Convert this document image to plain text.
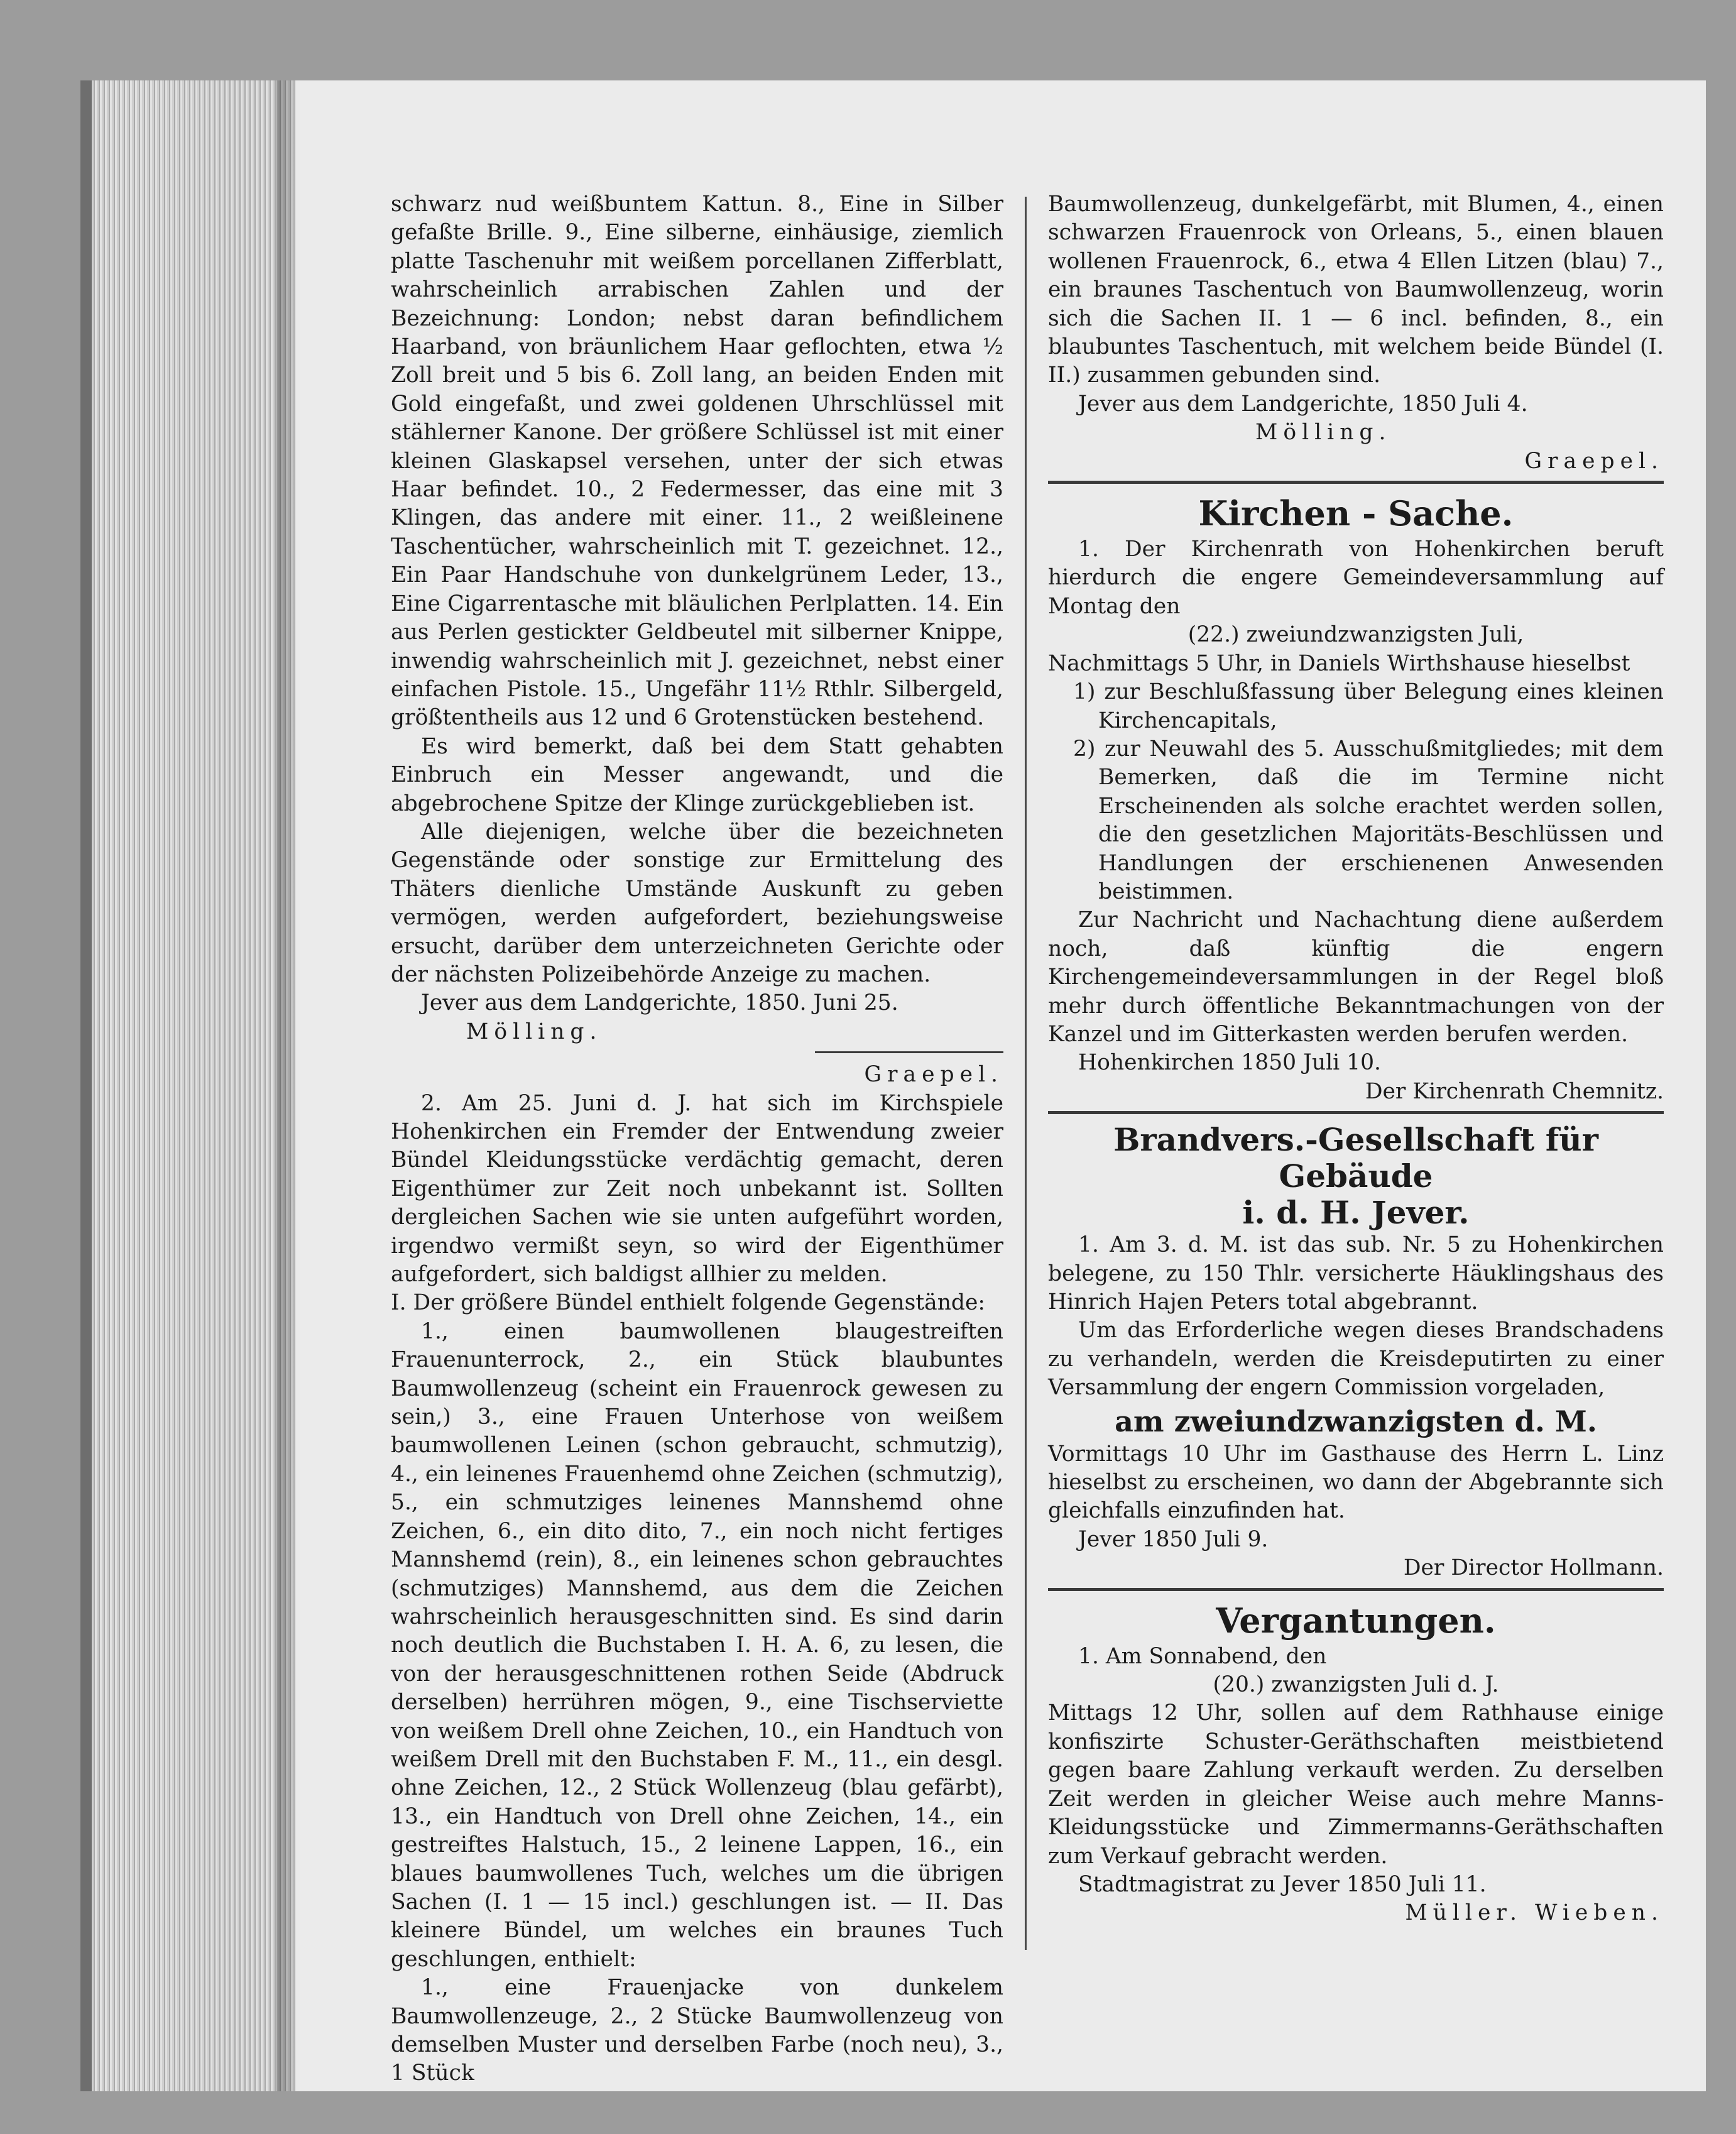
schwarz nud weißbuntem Kattun. 8., Eine in Silber gefaßte Brille. 9., Eine silberne, einhäusige, ziemlich platte Taschenuhr mit weißem porcellanen Zifferblatt, wahrscheinlich arrabischen Zahlen und der Bezeichnung: London; nebst daran befindlichem Haarband, von bräunlichem Haar geflochten, etwa ½ Zoll breit und 5 bis 6. Zoll lang, an beiden Enden mit Gold eingefaßt, und zwei goldenen Uhrschlüssel mit stählerner Kanone. Der größere Schlüssel ist mit einer kleinen Glaskapsel versehen, unter der sich etwas Haar befindet. 10., 2 Federmesser, das eine mit 3 Klingen, das andere mit einer. 11., 2 weißleinene Taschentücher, wahrscheinlich mit T. gezeichnet. 12., Ein Paar Handschuhe von dunkelgrünem Leder, 13., Eine Cigarrentasche mit bläulichen Perlplatten. 14. Ein aus Perlen gestickter Geldbeutel mit silberner Knippe, inwendig wahrscheinlich mit J. gezeichnet, nebst einer einfachen Pistole. 15., Ungefähr 11½ Rthlr. Silbergeld, größtentheils aus 12 und 6 Grotenstücken bestehend.

Es wird bemerkt, daß bei dem Statt gehabten Einbruch ein Messer angewandt, und die abgebrochene Spitze der Klinge zurückgeblieben ist.

Alle diejenigen, welche über die bezeichneten Gegenstände oder sonstige zur Ermittelung des Thäters dienliche Umstände Auskunft zu geben vermögen, werden aufgefordert, beziehungsweise ersucht, darüber dem unterzeichneten Gerichte oder der nächsten Polizeibehörde Anzeige zu machen.

Jever aus dem Landgerichte, 1850. Juni 25.

Mölling.

Graepel.

2. Am 25. Juni d. J. hat sich im Kirchspiele Hohenkirchen ein Fremder der Entwendung zweier Bündel Kleidungsstücke verdächtig gemacht, deren Eigenthümer zur Zeit noch unbekannt ist. Sollten dergleichen Sachen wie sie unten aufgeführt worden, irgendwo vermißt seyn, so wird der Eigenthümer aufgefordert, sich baldigst allhier zu melden.

I. Der größere Bündel enthielt folgende Gegenstände:

1., einen baumwollenen blaugestreiften Frauenunterrock, 2., ein Stück blaubuntes Baumwollenzeug (scheint ein Frauenrock gewesen zu sein,) 3., eine Frauen Unterhose von weißem baumwollenen Leinen (schon gebraucht, schmutzig), 4., ein leinenes Frauenhemd ohne Zeichen (schmutzig), 5., ein schmutziges leinenes Mannshemd ohne Zeichen, 6., ein dito dito, 7., ein noch nicht fertiges Mannshemd (rein), 8., ein leinenes schon gebrauchtes (schmutziges) Mannshemd, aus dem die Zeichen wahrscheinlich herausgeschnitten sind. Es sind darin noch deutlich die Buchstaben I. H. A. 6, zu lesen, die von der herausgeschnittenen rothen Seide (Abdruck derselben) herrühren mögen, 9., eine Tischserviette von weißem Drell ohne Zeichen, 10., ein Handtuch von weißem Drell mit den Buchstaben F. M., 11., ein desgl. ohne Zeichen, 12., 2 Stück Wollenzeug (blau gefärbt), 13., ein Handtuch von Drell ohne Zeichen, 14., ein gestreiftes Halstuch, 15., 2 leinene Lappen, 16., ein blaues baumwollenes Tuch, welches um die übrigen Sachen (I. 1 — 15 incl.) geschlungen ist. — II. Das kleinere Bündel, um welches ein braunes Tuch geschlungen, enthielt:

1., eine Frauenjacke von dunkelem Baumwollenzeuge, 2., 2 Stücke Baumwollenzeug von demselben Muster und derselben Farbe (noch neu), 3., 1 Stück

Baumwollenzeug, dunkelgefärbt, mit Blumen, 4., einen schwarzen Frauenrock von Orleans, 5., einen blauen wollenen Frauenrock, 6., etwa 4 Ellen Litzen (blau) 7., ein braunes Taschentuch von Baumwollenzeug, worin sich die Sachen II. 1 — 6 incl. befinden, 8., ein blaubuntes Taschentuch, mit welchem beide Bündel (I. II.) zusammen gebunden sind.

Jever aus dem Landgerichte, 1850 Juli 4.

Mölling.

Graepel.

Kirchen - Sache.

1. Der Kirchenrath von Hohenkirchen beruft hierdurch die engere Gemeindeversammlung auf Montag den

(22.) zweiundzwanzigsten Juli,

Nachmittags 5 Uhr, in Daniels Wirthshause hieselbst

1) zur Beschlußfassung über Belegung eines kleinen Kirchencapitals,

2) zur Neuwahl des 5. Ausschußmitgliedes; mit dem Bemerken, daß die im Termine nicht Erscheinenden als solche erachtet werden sollen, die den gesetzlichen Majoritäts-Beschlüssen und Handlungen der erschienenen Anwesenden beistimmen.

Zur Nachricht und Nachachtung diene außerdem noch, daß künftig die engern Kirchengemeindeversammlungen in der Regel bloß mehr durch öffentliche Bekanntmachungen von der Kanzel und im Gitterkasten werden berufen werden.

Hohenkirchen 1850 Juli 10.

Der Kirchenrath Chemnitz.

Brandvers.-Gesellschaft für Gebäude

i. d. H. Jever.

1. Am 3. d. M. ist das sub. Nr. 5 zu Hohenkirchen belegene, zu 150 Thlr. versicherte Häuklingshaus des Hinrich Hajen Peters total abgebrannt.

Um das Erforderliche wegen dieses Brandschadens zu verhandeln, werden die Kreisdeputirten zu einer Versammlung der engern Commission vorgeladen,

am zweiundzwanzigsten d. M.

Vormittags 10 Uhr im Gasthause des Herrn L. Linz hieselbst zu erscheinen, wo dann der Abgebrannte sich gleichfalls einzufinden hat.

Jever 1850 Juli 9.

Der Director Hollmann.

Vergantungen.

1. Am Sonnabend, den

(20.) zwanzigsten Juli d. J.

Mittags 12 Uhr, sollen auf dem Rathhause einige konfiszirte Schuster-Geräthschaften meistbietend gegen baare Zahlung verkauft werden. Zu derselben Zeit werden in gleicher Weise auch mehre Manns-Kleidungsstücke und Zimmermanns-Geräthschaften zum Verkauf gebracht werden.

Stadtmagistrat zu Jever 1850 Juli 11.

Müller. Wieben.
